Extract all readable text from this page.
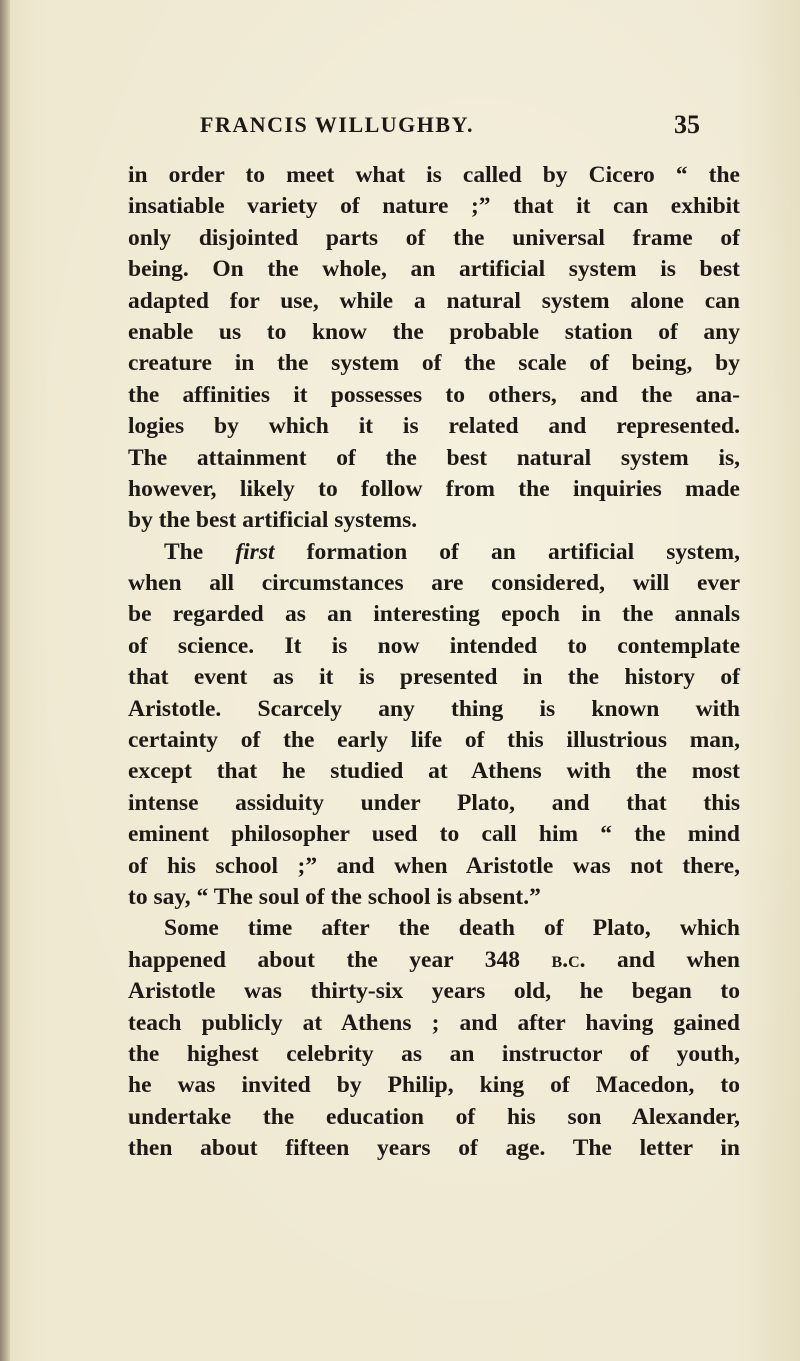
FRANCIS WILLUGHBY.	35
in order to meet what is called by Cicero “ the
insatiable variety of nature ;” that it can exhibit
only disjointed parts of the universal frame of
being. On the whole, an artificial system is best
adapted for use, while a natural system alone can
enable us to know the probable station of any
creature in the system of the scale of being, by
the affinities it possesses to others, and the ana-
logies by which it is related and represented.
The attainment of the best natural system is,
however, likely to follow from the inquiries made
by the best artificial systems.
The first formation of an artificial system,
when all circumstances are considered, will ever
be regarded as an interesting epoch in the annals
of science. It is now intended to contemplate
that event as it is presented in the history of
Aristotle. Scarcely any thing is known with
certainty of the early life of this illustrious man,
except that he studied at Athens with the most
intense assiduity under Plato, and that this
eminent philosopher used to call him “ the mind
of his school ;” and when Aristotle was not there,
to say, “ The soul of the school is absent.”
Some time after the death of Plato, which
happened about the year 348 b.c. and when
Aristotle was thirty-six years old, he began to
teach publicly at Athens ; and after having gained
the highest celebrity as an instructor of youth,
he was invited by Philip, king of Macedon, to
undertake the education of his son Alexander,
then about fifteen years of age. The letter in
